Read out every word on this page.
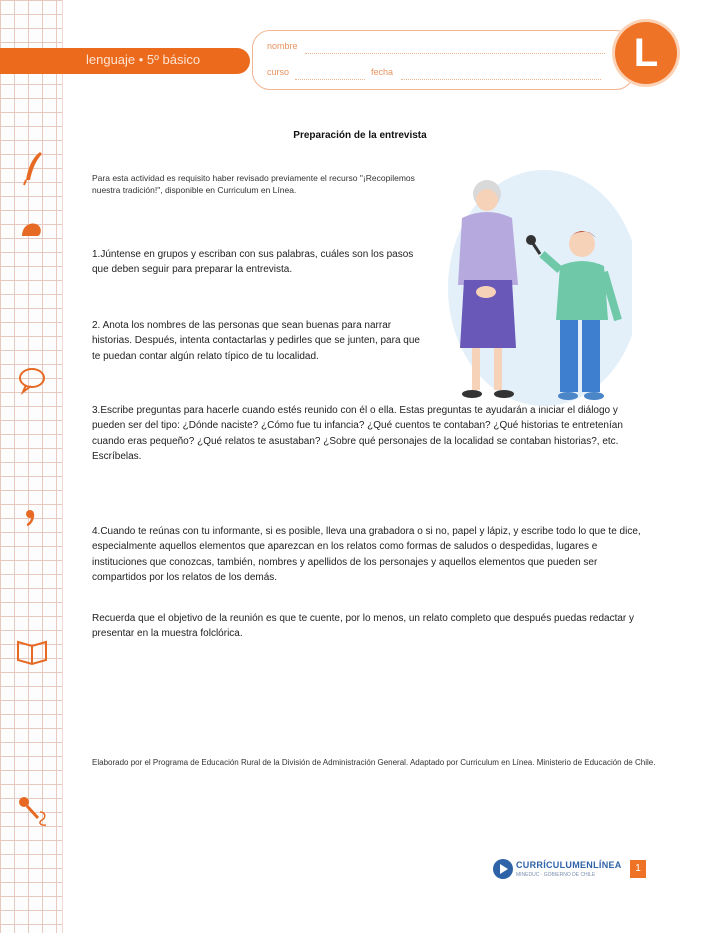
lenguaje • 5º básico
nombre
curso	fecha	L
Preparación de la entrevista
Para esta actividad es requisito haber revisado previamente el recurso "¡Recopilemos nuestra tradición!", disponible en Curriculum en Línea.
1.Júntense en grupos y escriban con sus palabras, cuáles son los pasos que deben seguir para preparar la entrevista.
2. Anota los nombres de las personas que sean buenas para narrar historias. Después, intenta contactarlas y pedirles que se junten, para que te puedan contar algún relato típico de tu localidad.
3.Escribe preguntas para hacerle cuando estés reunido con él o ella. Estas preguntas te ayudarán a iniciar el diálogo y pueden ser del tipo: ¿Dónde naciste? ¿Cómo fue tu infancia? ¿Qué cuentos te contaban? ¿Qué historias te entretenían cuando eras pequeño? ¿Qué relatos te asustaban? ¿Sobre qué personajes de la localidad se contaban historias?, etc. Escríbelas.
4.Cuando te reúnas con tu informante, si es posible, lleva una grabadora o si no, papel y lápiz, y escribe todo lo que te dice, especialmente aquellos elementos que aparezcan en los relatos como formas de saludos o despedidas, lugares e instituciones que conozcas, también, nombres y apellidos de los personajes y aquellos elementos que pueden ser compartidos por los relatos de los demás.
Recuerda que el objetivo de la reunión es que te cuente, por lo menos, un relato completo que después puedas redactar y presentar en la muestra folclórica.
Elaborado por el Programa de Educación Rural de la División de Administración General. Adaptado por Curriculum en Línea. Ministerio de Educación de Chile.
CURRÍCULUMENLÍNEA
MINEDUC · GOBIERNO DE CHILE
1
